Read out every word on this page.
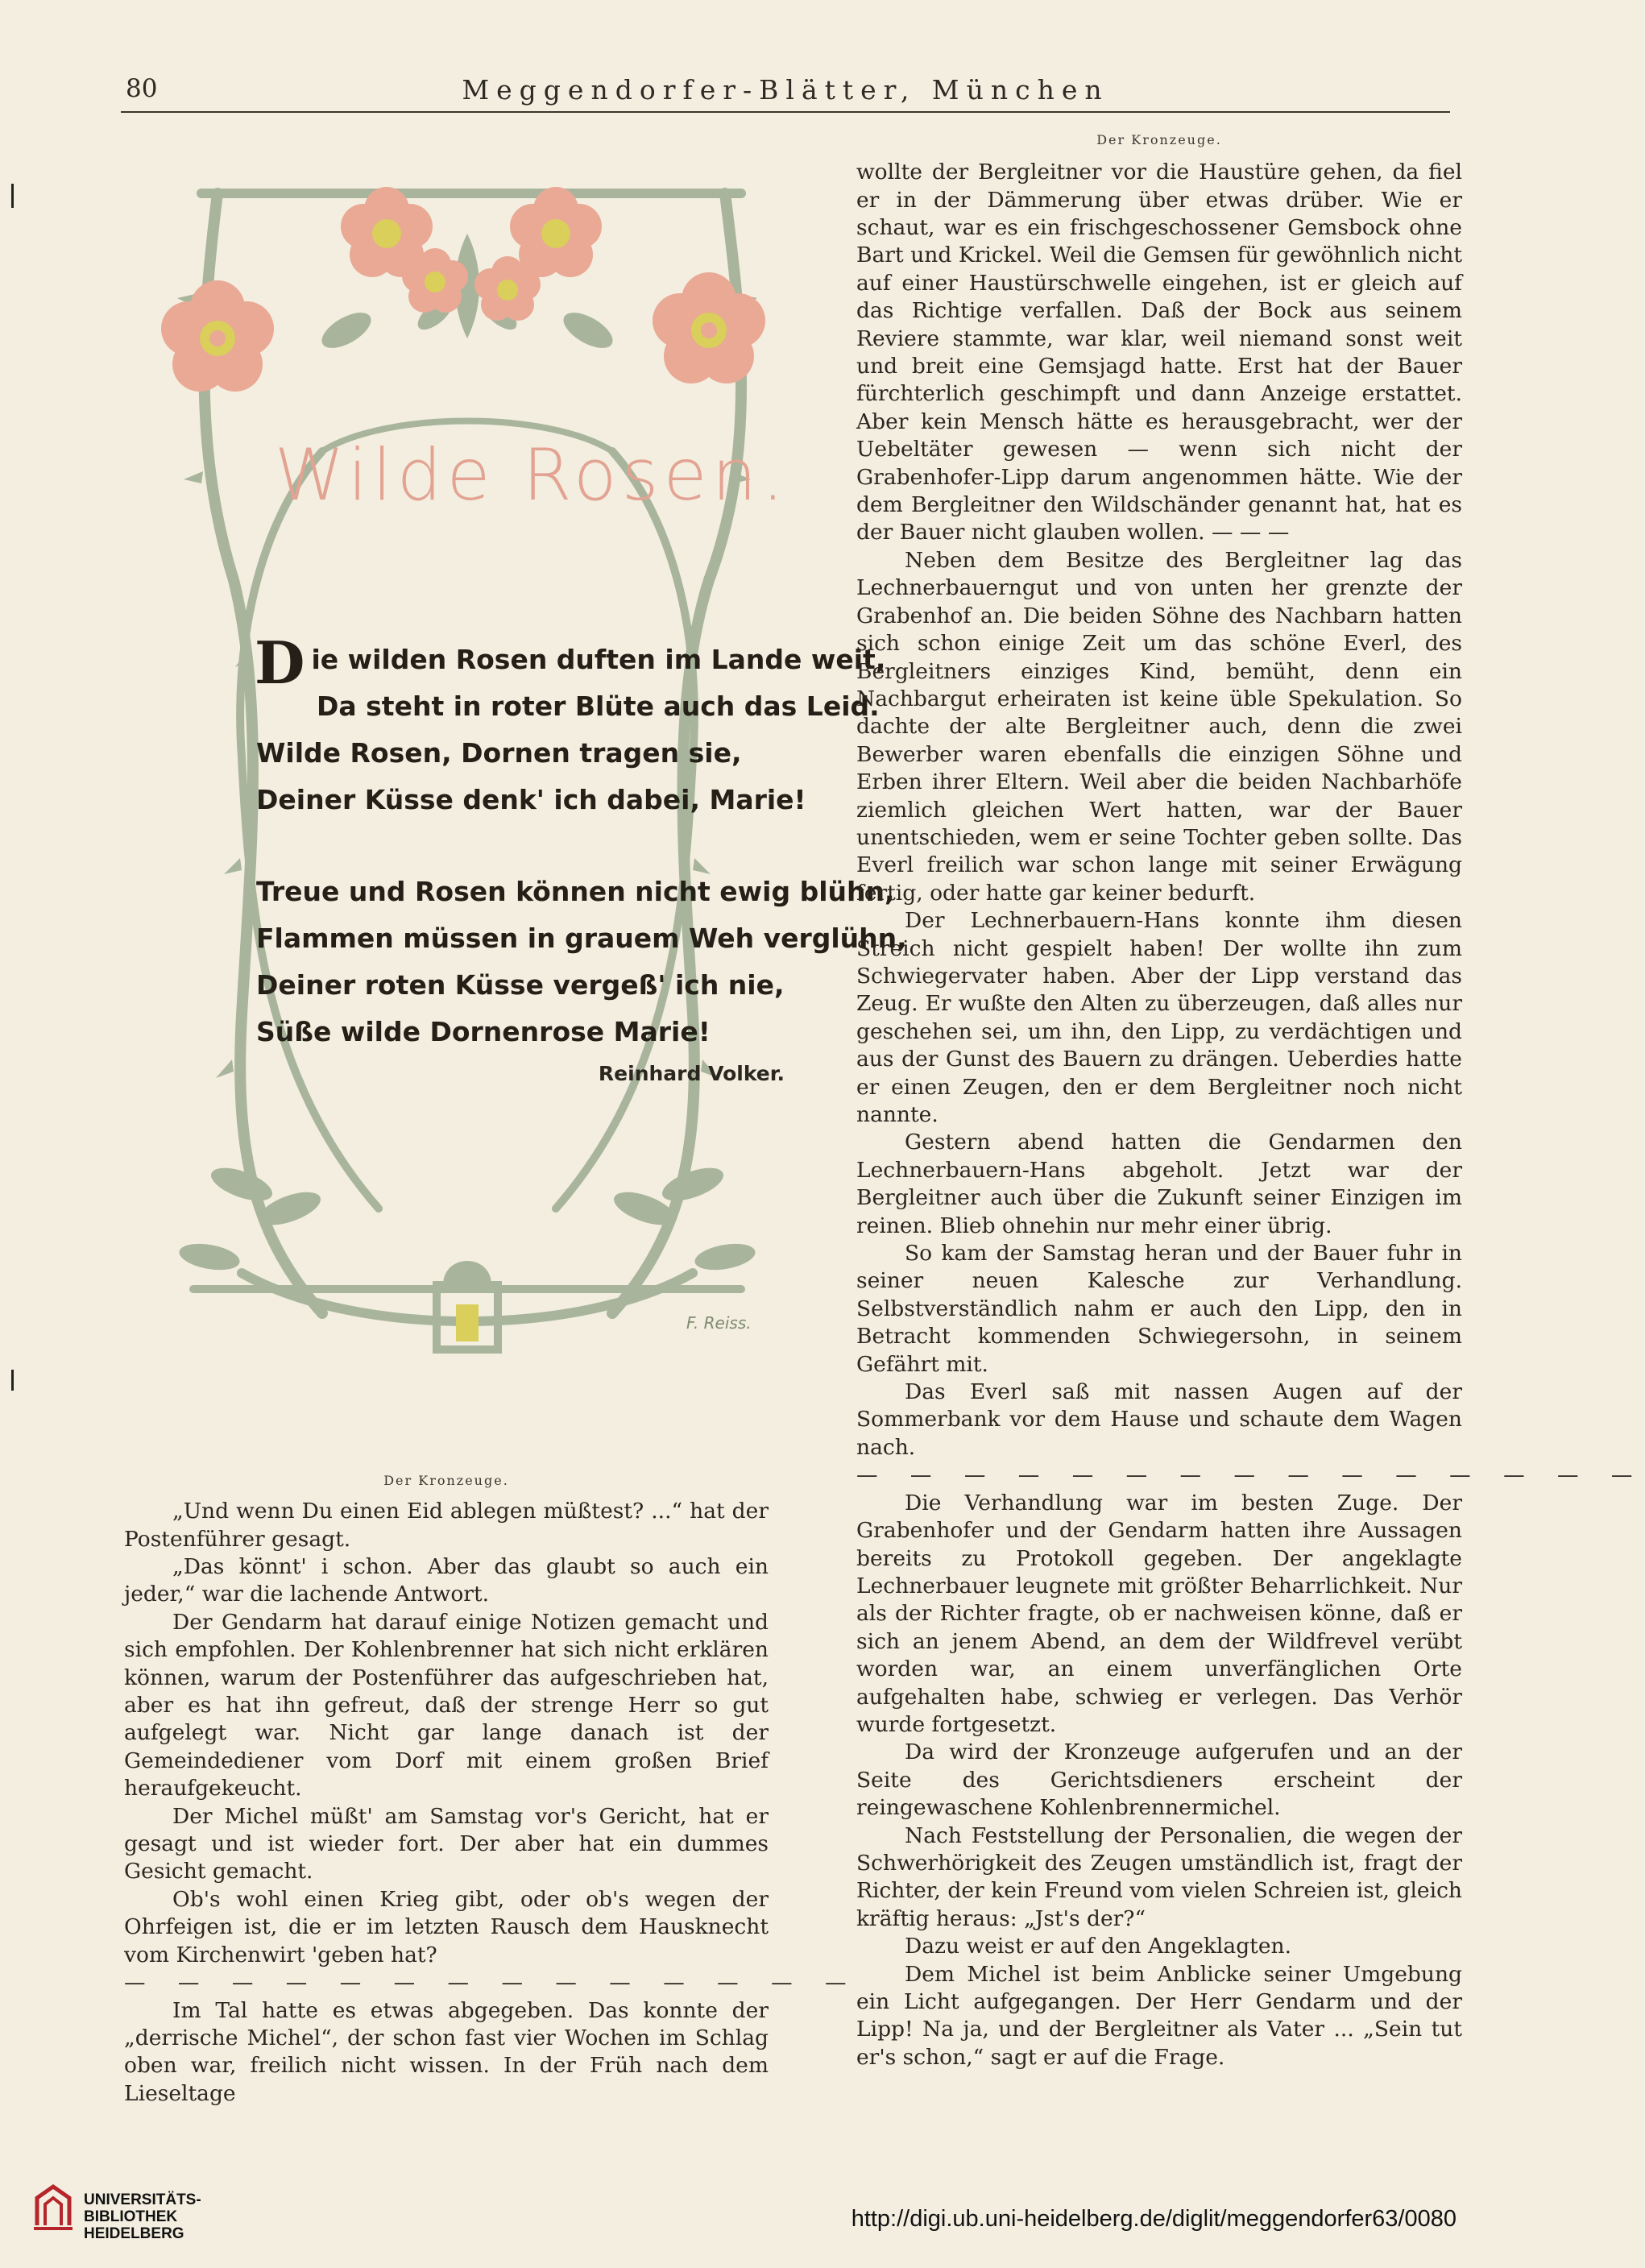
80	Meggendorfer-Blätter, München
Wilde Rosen.
Die wilden Rosen duften im Lande weit,
Da steht in roter Blüte auch das Leid.
Wilde Rosen, Dornen tragen sie,
Deiner Küsse denk' ich dabei, Marie!
Treue und Rosen können nicht ewig blühn,
Flammen müssen in grauem Weh verglühn,
Deiner roten Küsse vergeß' ich nie,
Süße wilde Dornenrose Marie!
Reinhard Volker.
F. Reiss.
Der Kronzeuge.

„Und wenn Du einen Eid ablegen müßtest? ...“ hat der Postenführer gesagt.

„Das könnt' i schon. Aber das glaubt so auch ein jeder,“ war die lachende Antwort.

Der Gendarm hat darauf einige Notizen gemacht und sich empfohlen. Der Kohlenbrenner hat sich nicht erklären können, warum der Postenführer das aufgeschrieben hat, aber es hat ihn gefreut, daß der strenge Herr so gut aufgelegt war. Nicht gar lange danach ist der Gemeindediener vom Dorf mit einem großen Brief heraufgekeucht.

Der Michel müßt' am Samstag vor's Gericht, hat er gesagt und ist wieder fort. Der aber hat ein dummes Gesicht gemacht.

Ob's wohl einen Krieg gibt, oder ob's wegen der Ohrfeigen ist, die er im letzten Rausch dem Hausknecht vom Kirchenwirt 'geben hat?

— — — — — — — — — — — — — —

Im Tal hatte es etwas abgegeben. Das konnte der „derrische Michel“, der schon fast vier Wochen im Schlag oben war, freilich nicht wissen. In der Früh nach dem Lieseltage

Der Kronzeuge.

wollte der Bergleitner vor die Haustüre gehen, da fiel er in der Dämmerung über etwas drüber. Wie er schaut, war es ein frischgeschossener Gemsbock ohne Bart und Krickel. Weil die Gemsen für gewöhnlich nicht auf einer Haustürschwelle eingehen, ist er gleich auf das Richtige verfallen. Daß der Bock aus seinem Reviere stammte, war klar, weil niemand sonst weit und breit eine Gemsjagd hatte. Erst hat der Bauer fürchterlich geschimpft und dann Anzeige erstattet. Aber kein Mensch hätte es herausgebracht, wer der Uebeltäter gewesen — wenn sich nicht der Grabenhofer-Lipp darum angenommen hätte. Wie der dem Bergleitner den Wildschänder genannt hat, hat es der Bauer nicht glauben wollen. — — —

Neben dem Besitze des Bergleitner lag das Lechnerbauerngut und von unten her grenzte der Grabenhof an. Die beiden Söhne des Nachbarn hatten sich schon einige Zeit um das schöne Everl, des Bergleitners einziges Kind, bemüht, denn ein Nachbargut erheiraten ist keine üble Spekulation. So dachte der alte Bergleitner auch, denn die zwei Bewerber waren ebenfalls die einzigen Söhne und Erben ihrer Eltern. Weil aber die beiden Nachbarhöfe ziemlich gleichen Wert hatten, war der Bauer unentschieden, wem er seine Tochter geben sollte. Das Everl freilich war schon lange mit seiner Erwägung fertig, oder hatte gar keiner bedurft.

Der Lechnerbauern-Hans konnte ihm diesen Streich nicht gespielt haben! Der wollte ihn zum Schwiegervater haben. Aber der Lipp verstand das Zeug. Er wußte den Alten zu überzeugen, daß alles nur geschehen sei, um ihn, den Lipp, zu verdächtigen und aus der Gunst des Bauern zu drängen. Ueberdies hatte er einen Zeugen, den er dem Bergleitner noch nicht nannte.

Gestern abend hatten die Gendarmen den Lechnerbauern-Hans abgeholt. Jetzt war der Bergleitner auch über die Zukunft seiner Einzigen im reinen. Blieb ohnehin nur mehr einer übrig.

So kam der Samstag heran und der Bauer fuhr in seiner neuen Kalesche zur Verhandlung. Selbstverständlich nahm er auch den Lipp, den in Betracht kommenden Schwiegersohn, in seinem Gefährt mit.

Das Everl saß mit nassen Augen auf der Sommerbank vor dem Hause und schaute dem Wagen nach.

— — — — — — — — — — — — — — —

Die Verhandlung war im besten Zuge. Der Grabenhofer und der Gendarm hatten ihre Aussagen bereits zu Protokoll gegeben. Der angeklagte Lechnerbauer leugnete mit größter Beharrlichkeit. Nur als der Richter fragte, ob er nachweisen könne, daß er sich an jenem Abend, an dem der Wildfrevel verübt worden war, an einem unverfänglichen Orte aufgehalten habe, schwieg er verlegen. Das Verhör wurde fortgesetzt.

Da wird der Kronzeuge aufgerufen und an der Seite des Gerichtsdieners erscheint der reingewaschene Kohlenbrennermichel.

Nach Feststellung der Personalien, die wegen der Schwerhörigkeit des Zeugen umständlich ist, fragt der Richter, der kein Freund vom vielen Schreien ist, gleich kräftig heraus: „Jst's der?“

Dazu weist er auf den Angeklagten.

Dem Michel ist beim Anblicke seiner Umgebung ein Licht aufgegangen. Der Herr Gendarm und der Lipp! Na ja, und der Bergleitner als Vater ... „Sein tut er's schon,“ sagt er auf die Frage.

UNIVERSITÄTS-
BIBLIOTHEK
HEIDELBERG
http://digi.ub.uni-heidelberg.de/diglit/meggendorfer63/0080
